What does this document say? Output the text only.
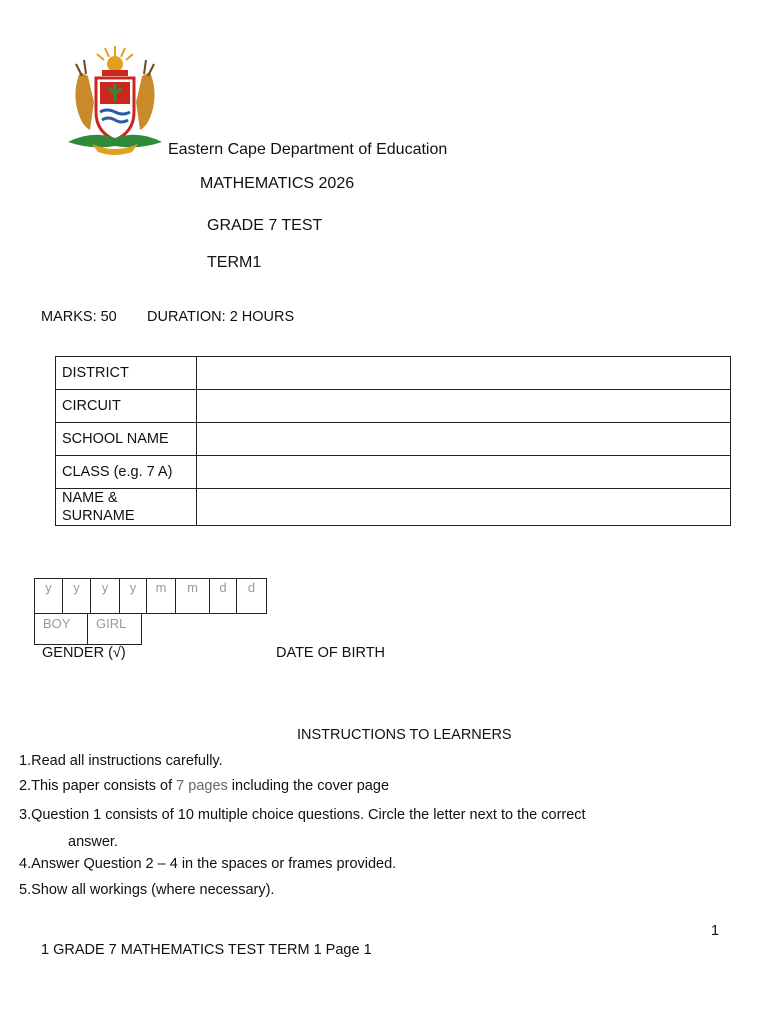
Eastern Cape Department of Education
MATHEMATICS 2026
GRADE 7 TEST
TERM1
MARKS: 50 DURATION: 2 HOURS
DISTRICT	
CIRCUIT	
SCHOOL NAME	
CLASS (e.g. 7 A)	
NAME & SURNAME	
y	y	y	y	m	m	d	d
BOY	GIRL
GENDER (√)	DATE OF BIRTH
INSTRUCTIONS TO LEARNERS
1.Read all instructions carefully.
2.This paper consists of 7 pages including the cover page
3.Question 1 consists of 10 multiple choice questions. Circle the letter next to the correct
answer.
4.Answer Question 2 – 4 in the spaces or frames provided.
5.Show all workings (where necessary).
1
1 GRADE 7 MATHEMATICS TEST TERM 1 Page 1
